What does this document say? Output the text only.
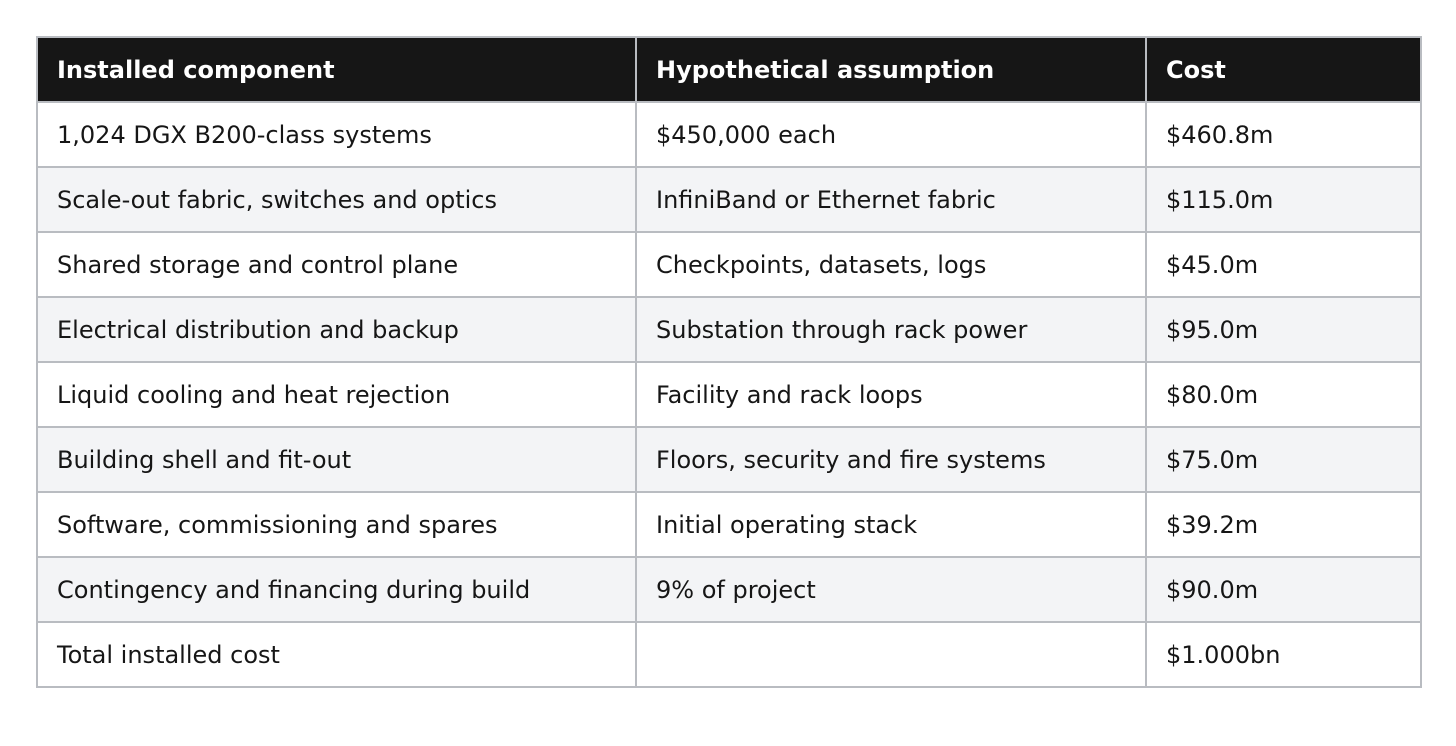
Installed component	Hypothetical assumption	Cost
1,024 DGX B200-class systems	$450,000 each	$460.8m
Scale-out fabric, switches and optics	InfiniBand or Ethernet fabric	$115.0m
Shared storage and control plane	Checkpoints, datasets, logs	$45.0m
Electrical distribution and backup	Substation through rack power	$95.0m
Liquid cooling and heat rejection	Facility and rack loops	$80.0m
Building shell and fit-out	Floors, security and fire systems	$75.0m
Software, commissioning and spares	Initial operating stack	$39.2m
Contingency and financing during build	9% of project	$90.0m
Total installed cost		$1.000bn
